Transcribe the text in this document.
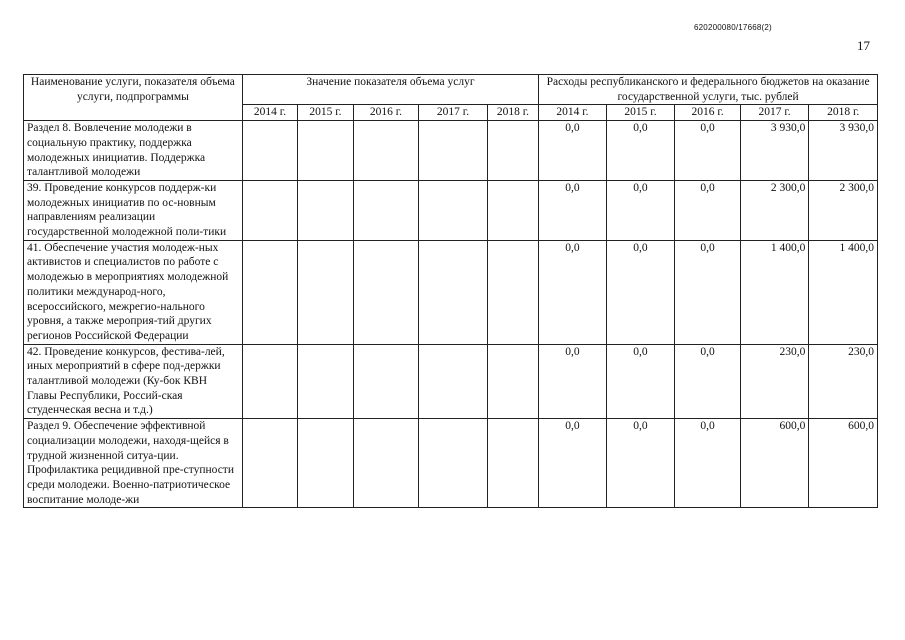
620200080/17668(2)
17
Наименование услуги, показателя объема услуги, подпрограммы	Значение показателя объема услуг					Расходы республиканского и федерального бюджетов на оказание государственной услуги, тыс. рублей				
	2014 г.	2015 г.	2016 г.	2017 г.	2018 г.	2014 г.	2015 г.	2016 г.	2017 г.	2018 г.
Раздел 8. Вовлечение молодежи в социальную практику, поддержка молодежных инициатив. Поддержка талантливой молодежи						0,0	0,0	0,0	3 930,0	3 930,0
39. Проведение конкурсов поддерж-ки молодежных инициатив по ос-новным направлениям реализации государственной молодежной поли-тики						0,0	0,0	0,0	2 300,0	2 300,0
41. Обеспечение участия молодеж-ных активистов и специалистов по работе с молодежью в мероприятиях молодежной политики международ-ного, всероссийского, межрегио-нального уровня, а также мероприя-тий других регионов Российской Федерации						0,0	0,0	0,0	1 400,0	1 400,0
42. Проведение конкурсов, фестива-лей, иных мероприятий в сфере под-держки талантливой молодежи (Ку-бок КВН Главы Республики, Россий-ская студенческая весна и т.д.)						0,0	0,0	0,0	230,0	230,0
Раздел 9. Обеспечение эффективной социализации молодежи, находя-щейся в трудной жизненной ситуа-ции. Профилактика рецидивной пре-ступности среди молодежи. Военно-патриотическое воспитание молоде-жи						0,0	0,0	0,0	600,0	600,0
